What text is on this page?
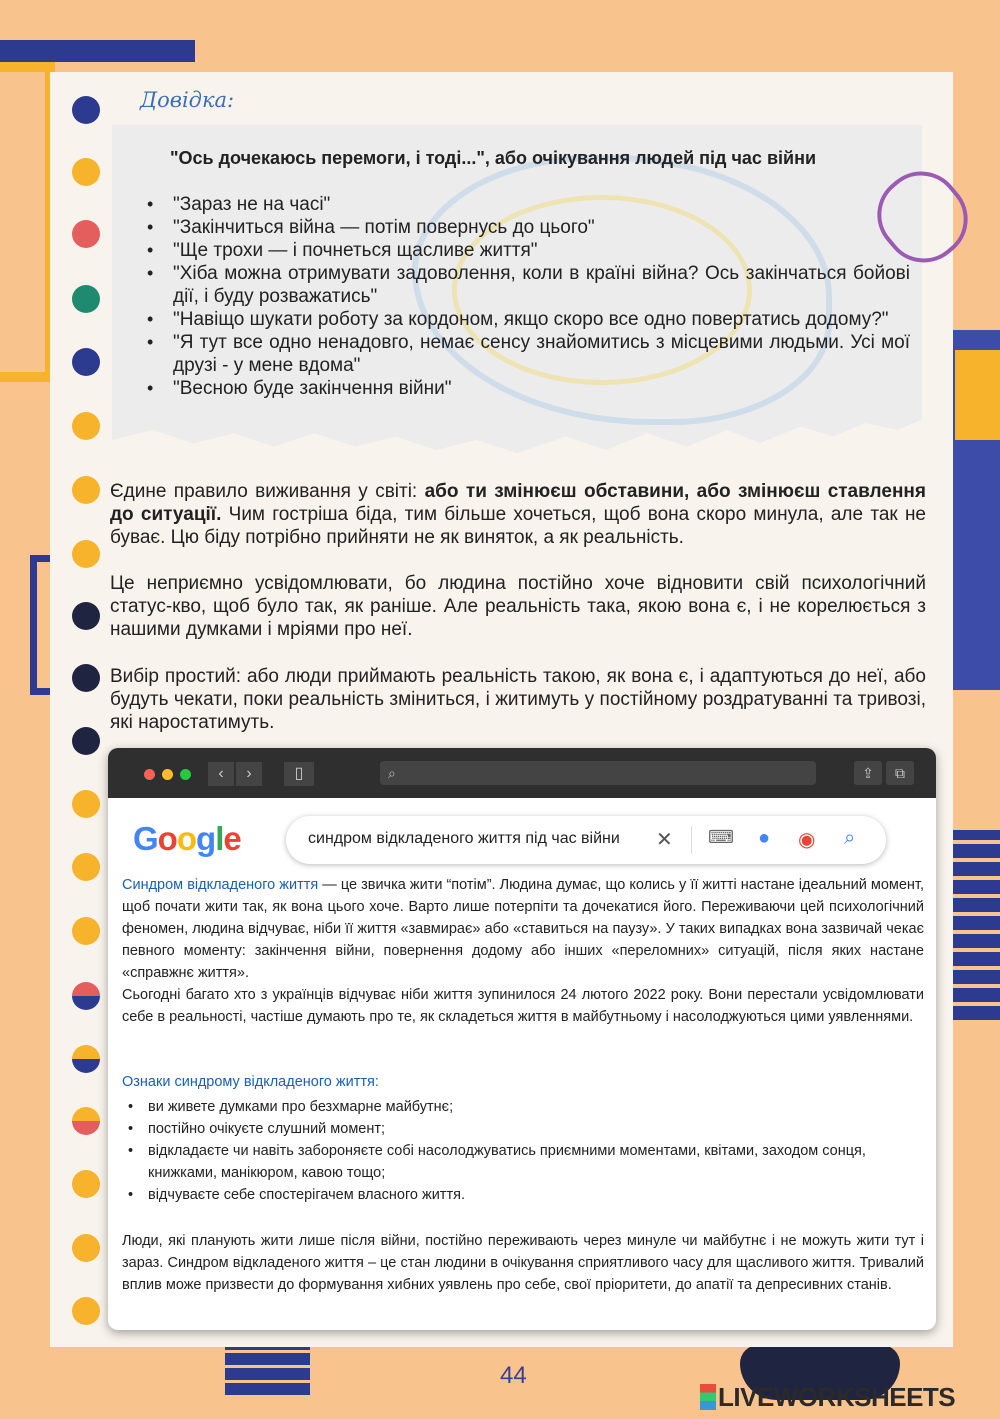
Довідка:
"Ось дочекаюсь перемоги, і тоді...", або очікування людей під час війни
• "Зараз не на часі"
• "Закінчиться війна — потім повернусь до цього"
• "Ще трохи — і почнеться щасливе життя"
• "Хіба можна отримувати задоволення, коли в країні війна? Ось закінчаться бойові дії, і буду розважатись"
• "Навіщо шукати роботу за кордоном, якщо скоро все одно повертатись додому?"
• "Я тут все одно ненадовго, немає сенсу знайомитись з місцевими людьми. Усі мої друзі - у мене вдома"
• "Весною буде закінчення війни"
Єдине правило виживання у світі: або ти змінюєш обставини, або змінюєш ставлення до ситуації. Чим гостріша біда, тим більше хочеться, щоб вона скоро минула, але так не буває. Цю біду потрібно прийняти не як виняток, а як реальність.
Це неприємно усвідомлювати, бо людина постійно хоче відновити свій психологічний статус-кво, щоб було так, як раніше. Але реальність така, якою вона є, і не корелюється з нашими думками і мріями про неї.
Вибір простий: або люди приймають реальність такою, як вона є, і адаптуються до неї, або будуть чекати, поки реальність зміниться, і житимуть у постійному роздратуванні та тривозі, які наростатимуть.
‹	›	▯	⌕	⇪	⧉
Google	синдром відкладеного життя під час війни	✕ ⌨ ● ◉ ⌕
Синдром відкладеного життя — це звичка жити “потім”. Людина думає, що колись у її житті настане ідеальний момент, щоб почати жити так, як вона цього хоче. Варто лише потерпіти та дочекатися його. Переживаючи цей психологічний феномен, людина відчуває, ніби її життя «завмирає» або «ставиться на паузу». У таких випадках вона зазвичай чекає певного моменту: закінчення війни, повернення додому або інших «переломних» ситуацій, після яких настане «справжнє життя».
Сьогодні багато хто з українців відчуває ніби життя зупинилося 24 лютого 2022 року. Вони перестали усвідомлювати себе в реальності, частіше думають про те, як складеться життя в майбутньому і насолоджуються цими уявленнями.
Ознаки синдрому відкладеного життя:
• ви живете думками про безхмарне майбутнє;
• постійно очікуєте слушний момент;
• відкладаєте чи навіть забороняєте собі насолоджуватись приємними моментами, квітами, заходом сонця, книжками, манікюром, кавою тощо;
• відчуваєте себе спостерігачем власного життя.
Люди, які планують жити лише після війни, постійно переживають через минуле чи майбутнє і не можуть жити тут і зараз. Синдром відкладеного життя – це стан людини в очікування сприятливого часу для щасливого життя. Тривалий вплив може призвести до формування хибних уявлень про себе, свої пріоритети, до апатії та депресивних станів.
44
LIVEWORKSHEETS
